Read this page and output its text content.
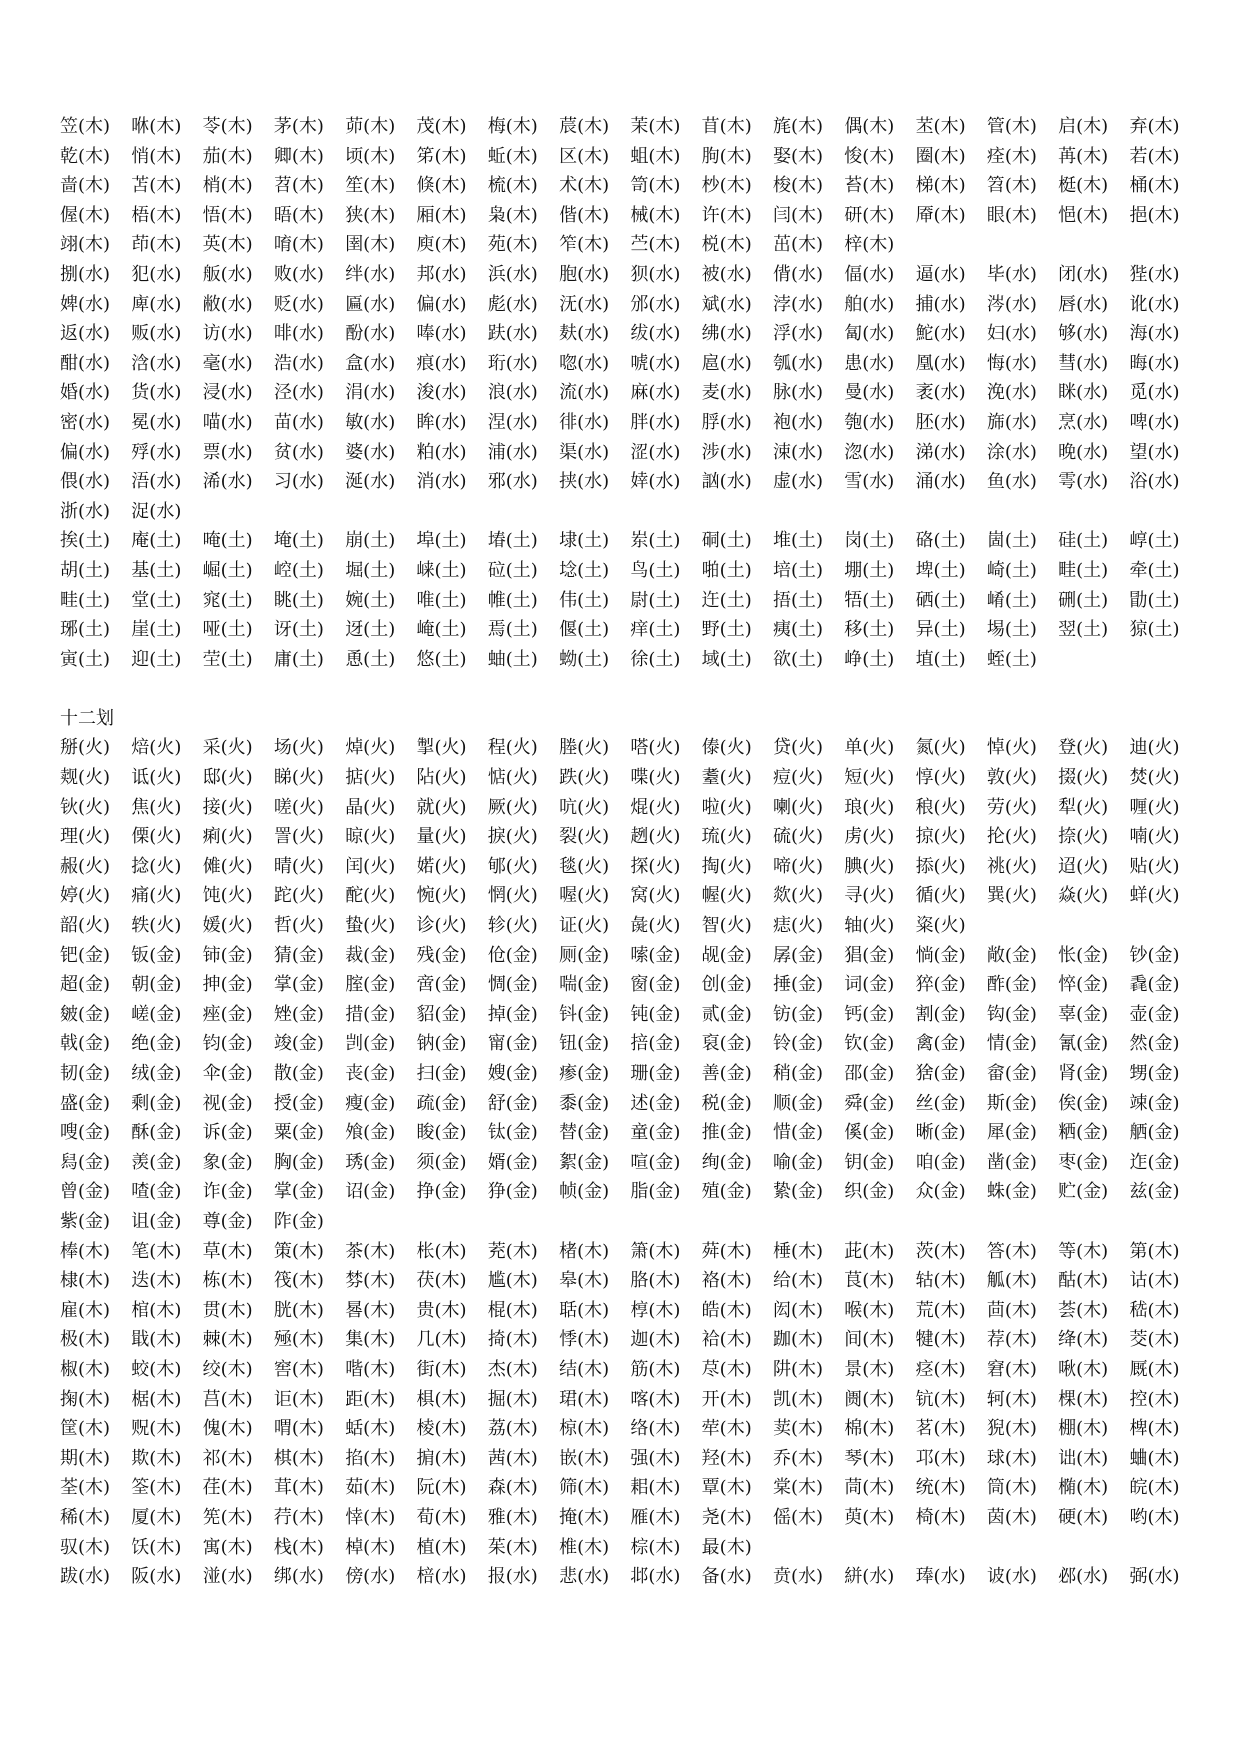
笠(木) 咻(木) 苓(木) 茅(木) 茆(木) 茂(木) 梅(木) 莀(木) 茉(木) 苜(木) 旄(木) 偶(木) 苤(木) 管(木) 启(木) 弃(木)
乾(木) 悄(木) 茄(木) 卿(木) 顷(木) 笫(木) 蚯(木) 区(木) 蛆(木) 朐(木) 娶(木) 悛(木) 圈(木) 痊(木) 苒(木) 若(木)
啬(木) 苫(木) 梢(木) 苕(木) 笙(木) 倏(木) 梳(木) 术(木) 笥(木) 杪(木) 梭(木) 苔(木) 梯(木) 笤(木) 梃(木) 桶(木)
偓(木) 梧(木) 悟(木) 晤(木) 狭(木) 厢(木) 枭(木) 偕(木) 械(木) 许(木) 闫(木) 研(木) 厣(木) 眼(木) 悒(木) 挹(木)
翊(木) 茚(木) 英(木) 唷(木) 圉(木) 庾(木) 苑(木) 笮(木) 苎(木) 棁(木) 茁(木) 梓(木)
捌(水) 犯(水) 舨(水) 败(水) 绊(水) 邦(水) 浜(水) 胞(水) 狈(水) 被(水) 偝(水) 偪(水) 逼(水) 毕(水) 闭(水) 狴(水)
婢(水) 庳(水) 敝(水) 贬(水) 匾(水) 偏(水) 彪(水) 𣲘(水) 邠(水) 斌(水) 浡(水) 舶(水) 捕(水) 涔(水) 唇(水) 讹(水)
返(水) 贩(水) 访(水) 啡(水) 酚(水) 唪(水) 趺(水) 麸(水) 绂(水) 绋(水) 浮(水) 匐(水) 鮀(水) 妇(水) 够(水) 海(水)
酣(水) 浛(水) 毫(水) 浩(水) 盒(水) 痕(水) 珩(水) 唿(水) 唬(水) 扈(水) 瓠(水) 患(水) 凰(水) 悔(水) 彗(水) 晦(水)
婚(水) 货(水) 浸(水) 泾(水) 涓(水) 浚(水) 浪(水) 流(水) 麻(水) 麦(水) 脉(水) 曼(水) 袤(水) 浼(水) 眯(水) 觅(水)
密(水) 冕(水) 喵(水) 苗(水) 敏(水) 眸(水) 涅(水) 徘(水) 胖(水) 脬(水) 袍(水) 匏(水) 胚(水) 旆(水) 烹(水) 啤(水)
偏(水) 殍(水) 票(水) 贫(水) 婆(水) 粕(水) 浦(水) 渠(水) 涩(水) 涉(水) 涑(水) 淴(水) 涕(水) 涂(水) 晚(水) 望(水)
偎(水) 浯(水) 浠(水) 习(水) 涎(水) 消(水) 邪(水) 挟(水) 婞(水) 訩(水) 虚(水) 雪(水) 涌(水) 鱼(水) 雩(水) 浴(水)
浙(水) 浞(水)
挨(土) 庵(土) 唵(土) 埯(土) 崩(土) 埠(土) 堾(土) 埭(土) 岽(土) 硐(土) 堆(土) 岗(土) 硌(土) 崮(土) 硅(土) 崞(土)
胡(土) 基(土) 崛(土) 崆(土) 堀(土) 崃(土) 砬(土) 埝(土) 鸟(土) 啪(土) 培(土) 堋(土) 埤(土) 崎(土) 畦(土) 牵(土)
畦(土) 堂(土) 窕(土) 眺(土) 婉(土) 唯(土) 帷(土) 伟(土) 尉(土) 迕(土) 捂(土) 牾(土) 硒(土) 崤(土) 硎(土) 勖(土)
琊(土) 崖(土) 哑(土) 讶(土) 迓(土) 崦(土) 焉(土) 偃(土) 痒(土) 野(土) 痍(土) 移(土) 异(土) 埸(土) 翌(土) 猄(土)
寅(土) 迎(土) 茔(土) 庸(土) 恿(土) 悠(土) 蚰(土) 蚴(土) 徐(土) 域(土) 欲(土) 峥(土) 埴(土) 蛭(土)
十二划
掰(火) 焙(火) 采(火) 场(火) 焯(火) 掣(火) 程(火) 塍(火) 嗒(火) 傣(火) 贷(火) 单(火) 氮(火) 悼(火) 登(火) 迪(火)
觌(火) 诋(火) 邸(火) 睇(火) 掂(火) 阽(火) 惦(火) 跌(火) 喋(火) 耋(火) 痘(火) 短(火) 惇(火) 敦(火) 掇(火) 焚(火)
钬(火) 焦(火) 接(火) 嗟(火) 晶(火) 就(火) 厥(火) 吭(火) 焜(火) 啦(火) 喇(火) 琅(火) 稂(火) 劳(火) 犁(火) 喱(火)
理(火) 傈(火) 痢(火) 詈(火) 晾(火) 量(火) 捩(火) 裂(火) 趔(火) 琉(火) 硫(火) 虏(火) 掠(火) 抡(火) 捺(火) 喃(火)
赧(火) 捻(火) 傩(火) 晴(火) 闰(火) 婼(火) 郇(火) 毯(火) 探(火) 掏(火) 啼(火) 腆(火) 掭(火) 祧(火) 迢(火) 贴(火)
婷(火) 痛(火) 饨(火) 跎(火) 酡(火) 惋(火) 惘(火) 喔(火) 窝(火) 幄(火) 欻(火) 寻(火) 循(火) 巽(火) 焱(火) 蛘(火)
韶(火) 轶(火) 媛(火) 哲(火) 蛰(火) 诊(火) 轸(火) 证(火) 彘(火) 智(火) 痣(火) 轴(火) 粢(火)
钯(金) 钣(金) 铈(金) 猜(金) 裁(金) 残(金) 伧(金) 厕(金) 嗦(金) 觇(金) 孱(金) 猖(金) 惝(金) 敞(金) 怅(金) 钞(金)
超(金) 朝(金) 抻(金) 掌(金) 腟(金) 啻(金) 惆(金) 喘(金) 窗(金) 创(金) 捶(金) 词(金) 猝(金) 酢(金) 悴(金) 毳(金)
皴(金) 嵯(金) 痤(金) 矬(金) 措(金) 貂(金) 掉(金) 钭(金) 钝(金) 贰(金) 钫(金) 钙(金) 割(金) 钩(金) 辜(金) 壶(金)
戟(金) 绝(金) 钧(金) 竣(金) 剀(金) 钠(金) 甯(金) 钮(金) 掊(金) 裒(金) 铃(金) 钦(金) 禽(金) 情(金) 氰(金) 然(金)
韧(金) 绒(金) 伞(金) 散(金) 丧(金) 扫(金) 嫂(金) 瘆(金) 珊(金) 善(金) 稍(金) 邵(金) 猞(金) 畲(金) 肾(金) 甥(金)
盛(金) 剩(金) 视(金) 授(金) 瘦(金) 疏(金) 舒(金) 黍(金) 述(金) 税(金) 顺(金) 舜(金) 丝(金) 斯(金) 俟(金) 竦(金)
嗖(金) 酥(金) 诉(金) 粟(金) 飧(金) 睃(金) 钛(金) 替(金) 童(金) 推(金) 惜(金) 傒(金) 晰(金) 犀(金) 粞(金) 舾(金)
舄(金) 羡(金) 象(金) 胸(金) 琇(金) 须(金) 婿(金) 絮(金) 喧(金) 绚(金) 喻(金) 钥(金) 咱(金) 凿(金) 枣(金) 迮(金)
曾(金) 喳(金) 诈(金) 掌(金) 诏(金) 挣(金) 狰(金) 帧(金) 脂(金) 殖(金) 絷(金) 织(金) 众(金) 蛛(金) 贮(金) 兹(金)
紫(金) 诅(金) 尊(金) 阼(金)
棒(木) 笔(木) 草(木) 策(木) 茶(木) 枨(木) 茺(木) 楮(木) 箫(木) 荈(木) 棰(木) 茈(木) 茨(木) 答(木) 等(木) 第(木)
棣(木) 迭(木) 栋(木) 筏(木) 棼(木) 茯(木) 尴(木) 皋(木) 胳(木) 袼(木) 给(木) 茛(木) 轱(木) 觚(木) 酤(木) 诂(木)
雇(木) 棺(木) 贯(木) 胱(木) 晷(木) 贵(木) 棍(木) 聒(木) 椁(木) 皓(木) 闳(木) 喉(木) 荒(木) 茴(木) 荟(木) 嵇(木)
极(木) 戢(木) 棘(木) 殛(木) 集(木) 几(木) 掎(木) 悸(木) 迦(木) 袷(木) 跏(木) 间(木) 犍(木) 荐(木) 绛(木) 茭(木)
椒(木) 蛟(木) 绞(木) 窖(木) 喈(木) 街(木) 杰(木) 结(木) 筋(木) 荩(木) 阱(木) 景(木) 痉(木) 窘(木) 啾(木) 厩(木)
掬(木) 椐(木) 莒(木) 讵(木) 距(木) 椇(木) 掘(木) 珺(木) 喀(木) 开(木) 凯(木) 阓(木) 钪(木) 轲(木) 棵(木) 控(木)
筐(木) 贶(木) 傀(木) 喟(木) 蛞(木) 棱(木) 荔(木) 椋(木) 络(木) 荦(木) 荬(木) 棉(木) 茗(木) 猊(木) 棚(木) 椑(木)
期(木) 欺(木) 祁(木) 棋(木) 掐(木) 掮(木) 茜(木) 嵌(木) 强(木) 羟(木) 乔(木) 琴(木) 邛(木) 球(木) 诎(木) 蛐(木)
荃(木) 筌(木) 荏(木) 茸(木) 茹(木) 阮(木) 森(木) 筛(木) 耜(木) 覃(木) 棠(木) 茼(木) 统(木) 筒(木) 椭(木) 皖(木)
稀(木) 厦(木) 筅(木) 荇(木) 悻(木) 荀(木) 雅(木) 掩(木) 雁(木) 尧(木) 傜(木) 萸(木) 椅(木) 茵(木) 硬(木) 哟(木)
驭(木) 饫(木) 寓(木) 栈(木) 棹(木) 植(木) 茱(木) 椎(木) 棕(木) 最(木)
跋(水) 阪(水) 湴(水) 绑(水) 傍(水) 棓(水) 报(水) 悲(水) 邶(水) 备(水) 贲(水) 絣(水) 琫(水) 诐(水) 邲(水) 弼(水)
